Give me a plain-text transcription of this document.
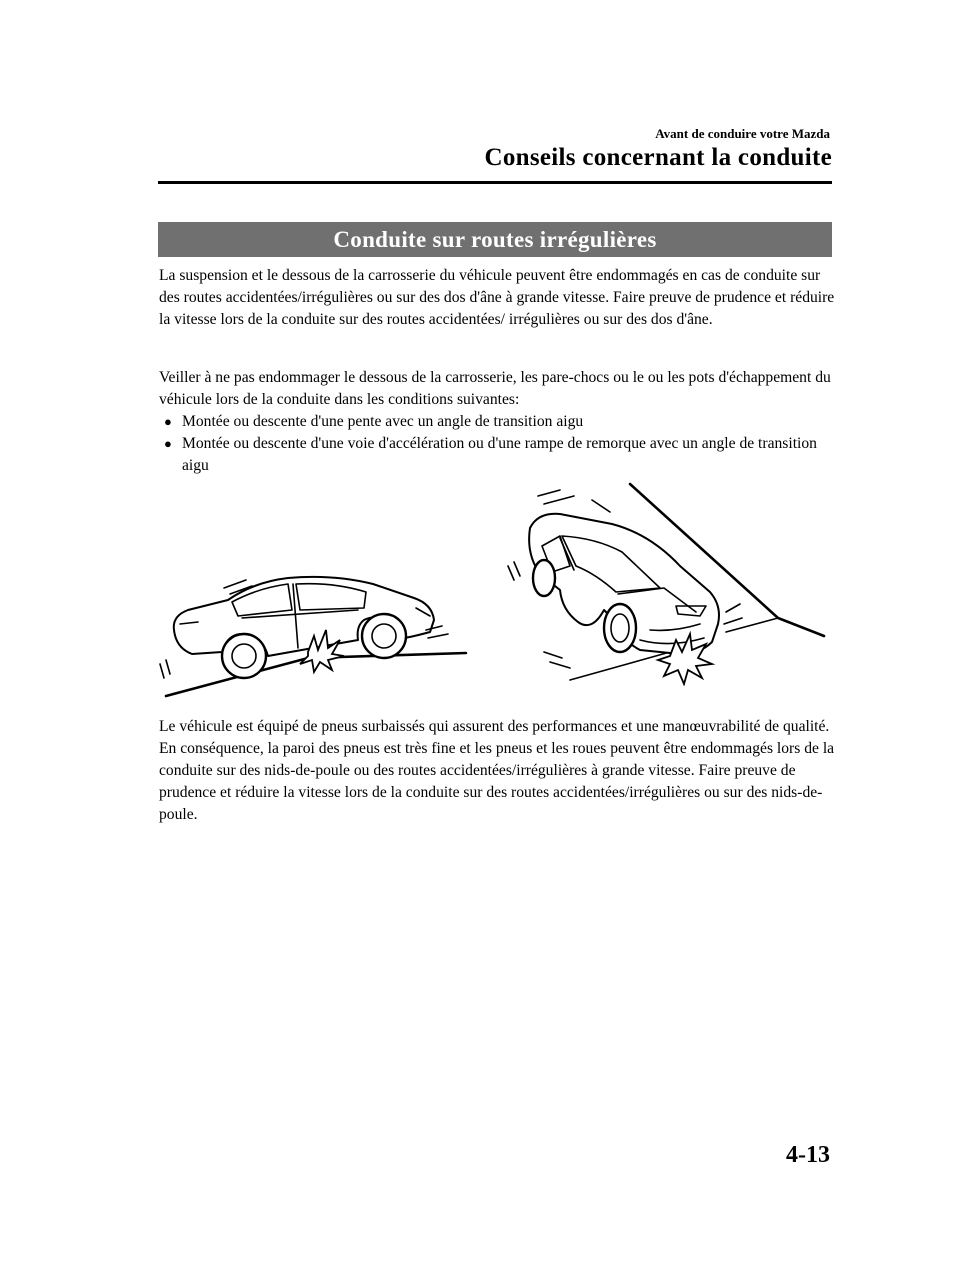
Avant de conduire votre Mazda
Conseils concernant la conduite
Conduite sur routes irrégulières

La suspension et le dessous de la carrosserie du véhicule peuvent être endommagés en cas de conduite sur des routes accidentées/irrégulières ou sur des dos d'âne à grande vitesse. Faire preuve de prudence et réduire la vitesse lors de la conduite sur des routes accidentées/ irrégulières ou sur des dos d'âne.

Veiller à ne pas endommager le dessous de la carrosserie, les pare-chocs ou le ou les pots d'échappement du véhicule lors de la conduite dans les conditions suivantes:

● Montée ou descente d'une pente avec un angle de transition aigu
● Montée ou descente d'une voie d'accélération ou d'une rampe de remorque avec un angle de transition aigu

Le véhicule est équipé de pneus surbaissés qui assurent des performances et une manœuvrabilité de qualité. En conséquence, la paroi des pneus est très fine et les pneus et les roues peuvent être endommagés lors de la conduite sur des nids-de-poule ou des routes accidentées/irrégulières à grande vitesse. Faire preuve de prudence et réduire la vitesse lors de la conduite sur des routes accidentées/irrégulières ou sur des nids-de-poule.

4-13
